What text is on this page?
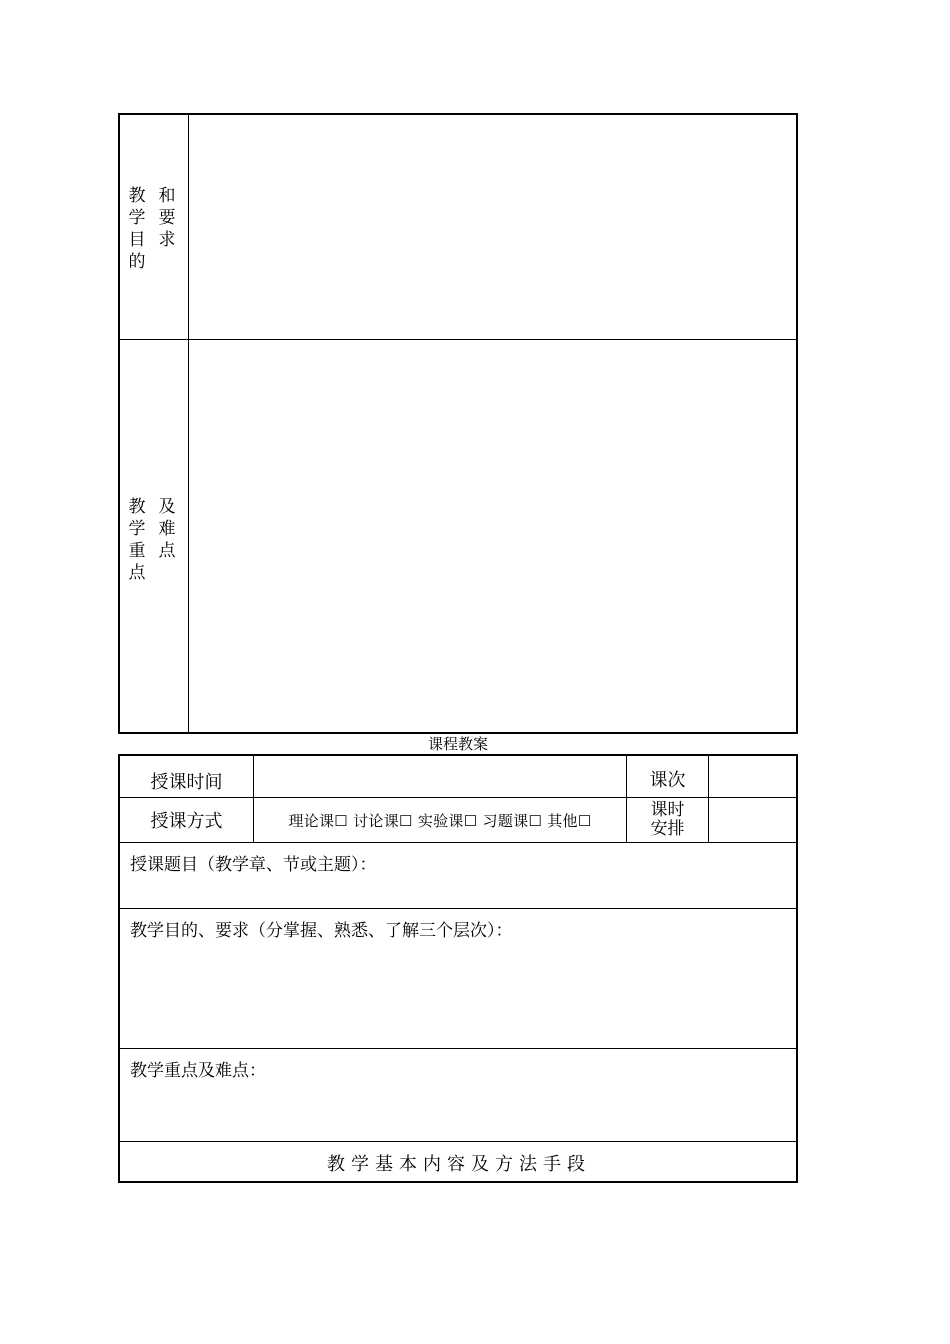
教
学
目
的
和
要
求
教
学
重
点
及
难
点
课程教案
授课时间	课次
授课方式	理论课☐ 讨论课☐ 实验课☐ 习题课☐ 其他☐
课时
安排
授课题目（教学章、节或主题）：
教学目的、要求（分掌握、熟悉、了解三个层次）：
教学重点及难点：
教学基本内容及方法手段
